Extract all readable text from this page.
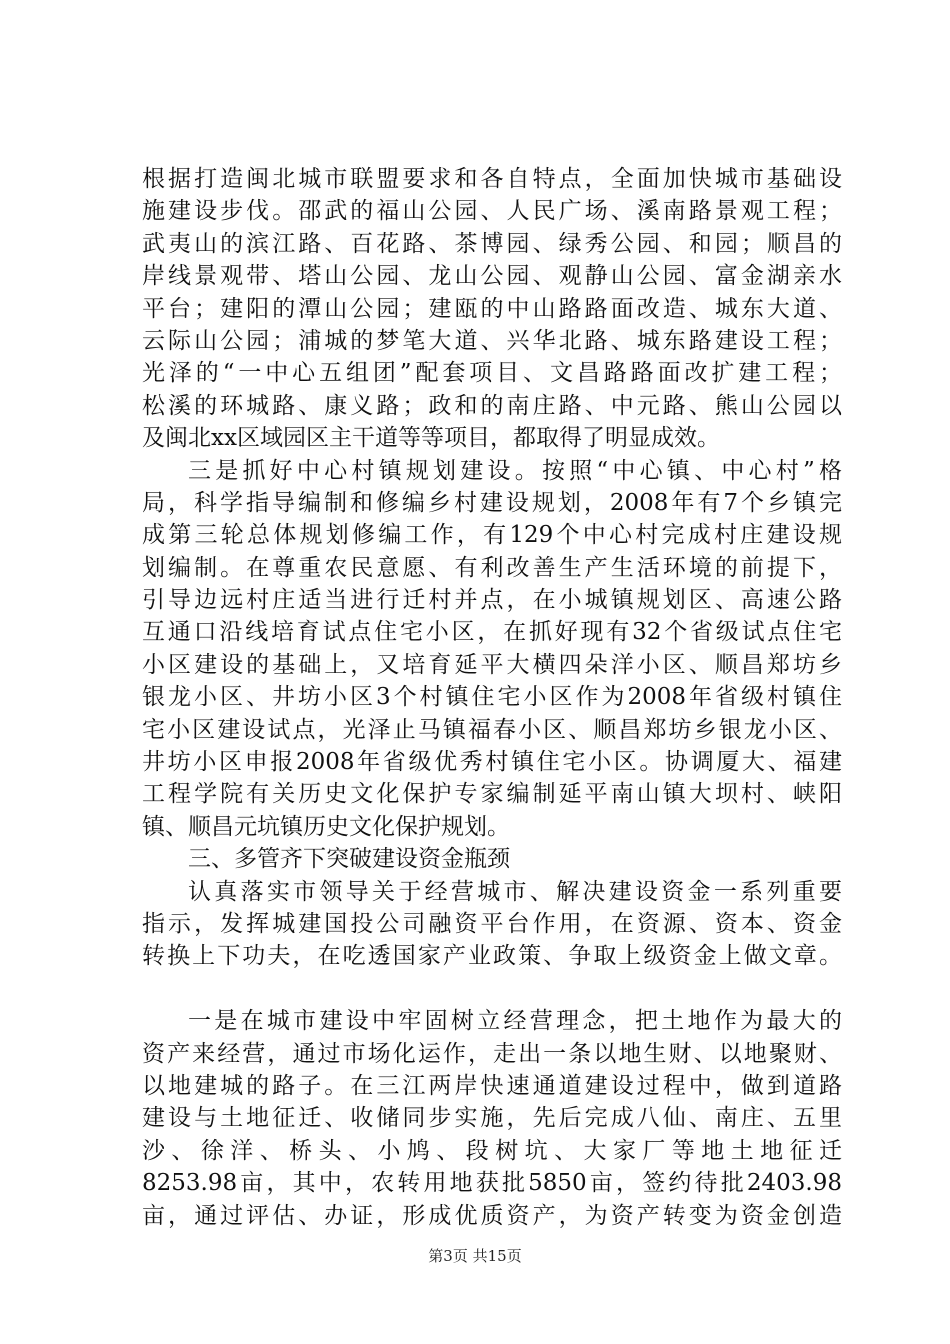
根据打造闽北城市联盟要求和各自特点，全面加快城市基础设
施建设步伐。邵武的福山公园、人民广场、溪南路景观工程；
武夷山的滨江路、百花路、茶博园、绿秀公园、和园；顺昌的
岸线景观带、塔山公园、龙山公园、观静山公园、富金湖亲水
平台；建阳的潭山公园；建瓯的中山路路面改造、城东大道、
云际山公园；浦城的梦笔大道、兴华北路、城东路建设工程；
光泽的“一中心五组团”配套项目、文昌路路面改扩建工程；
松溪的环城路、康义路；政和的南庄路、中元路、熊山公园以
及闽北xx区域园区主干道等等项目，都取得了明显成效。
三是抓好中心村镇规划建设。按照“中心镇、中心村”格
局，科学指导编制和修编乡村建设规划，2008年有7个乡镇完
成第三轮总体规划修编工作，有129个中心村完成村庄建设规
划编制。在尊重农民意愿、有利改善生产生活环境的前提下，
引导边远村庄适当进行迁村并点，在小城镇规划区、高速公路
互通口沿线培育试点住宅小区，在抓好现有32个省级试点住宅
小区建设的基础上，又培育延平大横四朵洋小区、顺昌郑坊乡
银龙小区、井坊小区3个村镇住宅小区作为2008年省级村镇住
宅小区建设试点，光泽止马镇福春小区、顺昌郑坊乡银龙小区、
井坊小区申报2008年省级优秀村镇住宅小区。协调厦大、福建
工程学院有关历史文化保护专家编制延平南山镇大坝村、峡阳
镇、顺昌元坑镇历史文化保护规划。
三、多管齐下突破建设资金瓶颈
认真落实市领导关于经营城市、解决建设资金一系列重要
指示，发挥城建国投公司融资平台作用，在资源、资本、资金
转换上下功夫，在吃透国家产业政策、争取上级资金上做文章。
一是在城市建设中牢固树立经营理念，把土地作为最大的
资产来经营，通过市场化运作，走出一条以地生财、以地聚财、
以地建城的路子。在三江两岸快速通道建设过程中，做到道路
建设与土地征迁、收储同步实施，先后完成八仙、南庄、五里
沙、徐洋、桥头、小鸠、段树坑、大家厂等地土地征迁
8253.98亩，其中，农转用地获批5850亩，签约待批2403.98
亩，通过评估、办证，形成优质资产，为资产转变为资金创造
第3页 共15页
